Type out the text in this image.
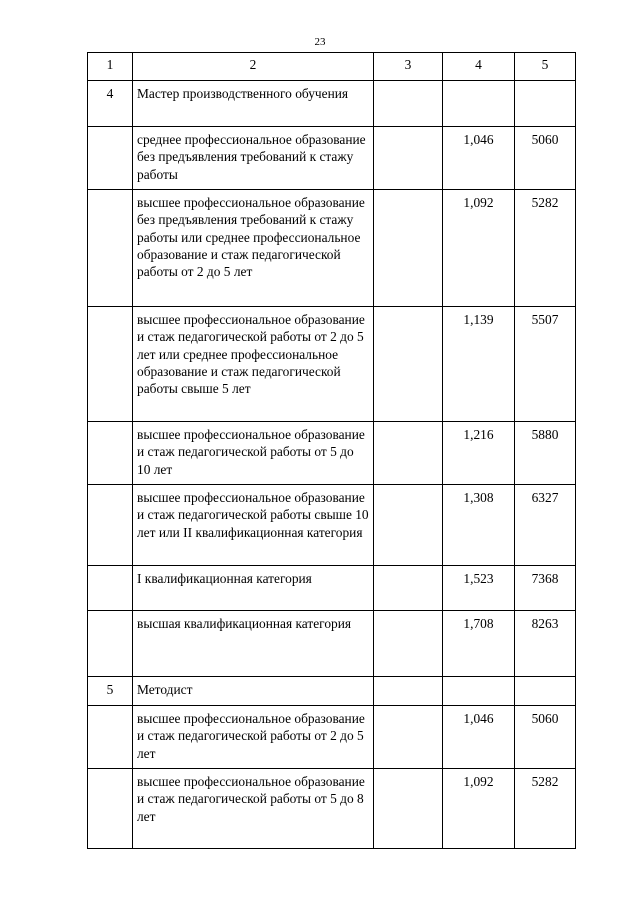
23
1	2	3	4	5
4	Мастер производственного обучения			
	среднее профессиональное образование без предъявления требований к стажу работы		1,046	5060
	высшее профессиональное образование без предъявления требований к стажу работы или среднее профессиональное образование и стаж педагогической работы от 2 до 5 лет		1,092	5282
	высшее профессиональное образование и стаж педагогической работы от 2 до 5 лет или среднее профессиональное образование и стаж педагогической работы свыше 5 лет		1,139	5507
	высшее профессиональное образование и стаж педагогической работы от 5 до 10 лет		1,216	5880
	высшее профессиональное образование и стаж педагогической работы свыше 10 лет или II квалификационная категория		1,308	6327
	I квалификационная категория		1,523	7368
	высшая квалификационная категория		1,708	8263
5	Методист			
	высшее профессиональное образование и стаж педагогической работы от 2 до 5 лет		1,046	5060
	высшее профессиональное образование и стаж педагогической работы от 5 до 8 лет		1,092	5282
